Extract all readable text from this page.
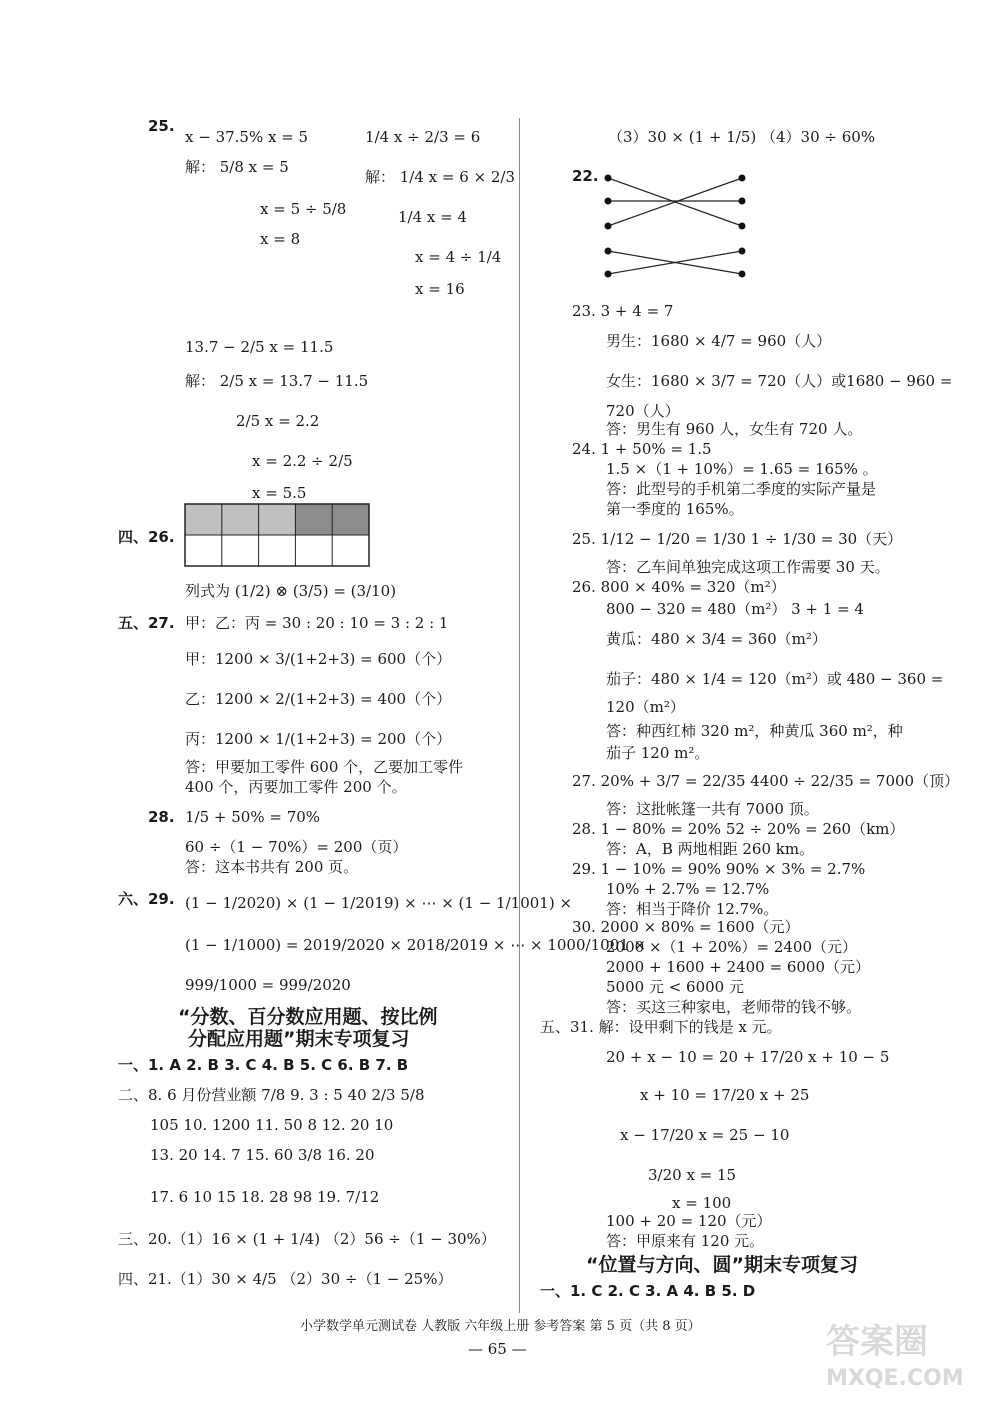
25.
x − 37.5% x = 5
解： 5/8 x = 5
x = 5 ÷ 5/8
x = 8
1/4 x ÷ 2/3 = 6
解： 1/4 x = 6 × 2/3
1/4 x = 4
x = 4 ÷ 1/4
x = 16
13.7 − 2/5 x = 11.5
解： 2/5 x = 13.7 − 11.5
2/5 x = 2.2
x = 2.2 ÷ 2/5
x = 5.5
四、26.
列式为 (1/2) ⊗ (3/5) = (3/10)
五、27. 甲：乙：丙 = 30 : 20 : 10 = 3 : 2 : 1
甲：1200 × 3/(1+2+3) = 600（个）
乙：1200 × 2/(1+2+3) = 400（个）
丙：1200 × 1/(1+2+3) = 200（个）
答：甲要加工零件 600 个，乙要加工零件
400 个，丙要加工零件 200 个。
28. 1/5 + 50% = 70%
60 ÷（1 − 70%）= 200（页）
答：这本书共有 200 页。
六、29. (1 − 1/2020) × (1 − 1/2019) × ⋯ × (1 − 1/1001) ×
(1 − 1/1000) = 2019/2020 × 2018/2019 × ⋯ × 1000/1001 ×
999/1000 = 999/2020
“分数、百分数应用题、按比例
分配应用题”期末专项复习
一、1. A 2. B 3. C 4. B 5. C 6. B 7. B
二、8. 6 月份营业额 7/8 9. 3 : 5 40 2/3 5/8
105 10. 1200 11. 50 8 12. 20 10
13. 20 14. 7 15. 60 3/8 16. 20
17. 6 10 15 18. 28 98 19. 7/12
三、20.（1）16 × (1 + 1/4) （2）56 ÷（1 − 30%）
四、21.（1）30 × 4/5 （2）30 ÷（1 − 25%）
（3）30 × (1 + 1/5) （4）30 ÷ 60%
22.
23. 3 + 4 = 7
男生：1680 × 4/7 = 960（人）
女生：1680 × 3/7 = 720（人）或1680 − 960 =
720（人）
答：男生有 960 人，女生有 720 人。
24. 1 + 50% = 1.5
1.5 ×（1 + 10%）= 1.65 = 165% 。
答：此型号的手机第二季度的实际产量是
第一季度的 165%。
25. 1/12 − 1/20 = 1/30 1 ÷ 1/30 = 30（天）
答：乙车间单独完成这项工作需要 30 天。
26. 800 × 40% = 320（m²）
800 − 320 = 480（m²） 3 + 1 = 4
黄瓜：480 × 3/4 = 360（m²）
茄子：480 × 1/4 = 120（m²）或 480 − 360 =
120（m²）
答：种西红柿 320 m²，种黄瓜 360 m²，种
茄子 120 m²。
27. 20% + 3/7 = 22/35 4400 ÷ 22/35 = 7000（顶）
答：这批帐篷一共有 7000 顶。
28. 1 − 80% = 20% 52 ÷ 20% = 260（km）
答：A，B 两地相距 260 km。
29. 1 − 10% = 90% 90% × 3% = 2.7%
10% + 2.7% = 12.7%
答：相当于降价 12.7%。
30. 2000 × 80% = 1600（元）
2000 ×（1 + 20%）= 2400（元）
2000 + 1600 + 2400 = 6000（元）
5000 元 < 6000 元
答：买这三种家电，老师带的钱不够。
五、31. 解：设甲剩下的钱是 x 元。
20 + x − 10 = 20 + 17/20 x + 10 − 5
x + 10 = 17/20 x + 25
x − 17/20 x = 25 − 10
3/20 x = 15
x = 100
100 + 20 = 120（元）
答：甲原来有 120 元。
“位置与方向、圆”期末专项复习
一、1. C 2. C 3. A 4. B 5. D
小学数学单元测试卷 人教版 六年级上册 参考答案 第 5 页（共 8 页）
— 65 —	答案圈
MXQE.COM
